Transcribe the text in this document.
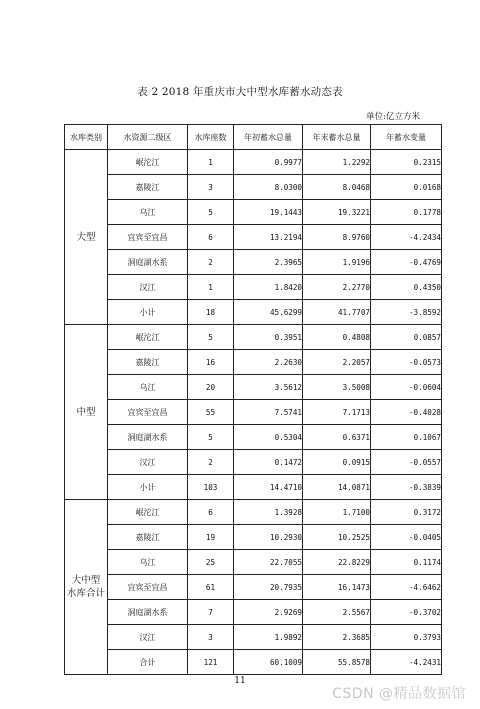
表 2 2018 年重庆市大中型水库蓄水动态表
单位:亿立方米
水库类别	水资源二级区	水库座数	年初蓄水总量	年末蓄水总量	年蓄水变量
大型	岷沱江	1	0.9977	1.2292	0.2315
	嘉陵江	3	8.0300	8.0468	0.0168
	乌江	5	19.1443	19.3221	0.1778
	宜宾至宜昌	6	13.2194	8.9760	-4.2434
	洞庭湖水系	2	2.3965	1.9196	-0.4769
	汉江	1	1.8420	2.2770	0.4350
	小计	18	45.6299	41.7707	-3.8592
中型	岷沱江	5	0.3951	0.4808	0.0857
	嘉陵江	16	2.2630	2.2057	-0.0573
	乌江	20	3.5612	3.5008	-0.0604
	宜宾至宜昌	55	7.5741	7.1713	-0.4028
	洞庭湖水系	5	0.5304	0.6371	0.1067
	汉江	2	0.1472	0.0915	-0.0557
	小计	103	14.4710	14.0871	-0.3839
大中型
水库合计	岷沱江	6	1.3928	1.7100	0.3172
	嘉陵江	19	10.2930	10.2525	-0.0405
	乌江	25	22.7055	22.8229	0.1174
	宜宾至宜昌	61	20.7935	16.1473	-4.6462
	洞庭湖水系	7	2.9269	2.5567	-0.3702
	汉江	3	1.9892	2.3685	0.3793
	合计	121	60.1009	55.8578	-4.2431
11
CSDN @精品数据馆
